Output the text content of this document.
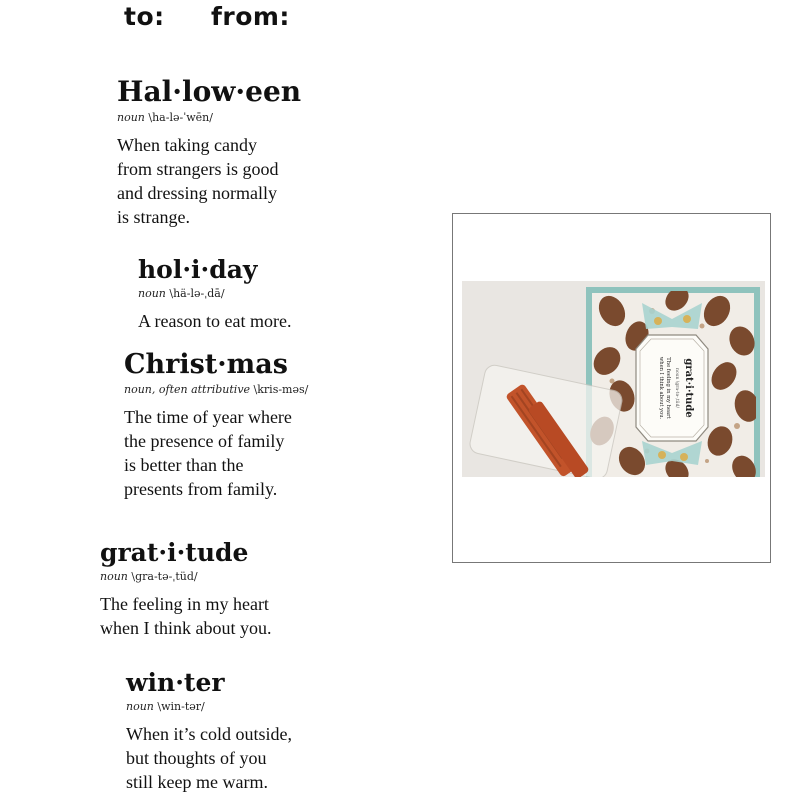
to: from:
Hal·low·een
noun \ha-lə-ˈwēn/
When taking candy
from strangers is good
and dressing normally
is strange.
hol·i·day
noun \hä-lə-ˌdā/
A reason to eat more.
Christ·mas
noun, often attributive \kris-məs/
The time of year where
the presence of family
is better than the
presents from family.
grat·i·tude
noun \gra-tə-ˌtüd/
The feeling in my heart
when I think about you.
win·ter
noun \win-tər/
When it’s cold outside,
but thoughts of you
still keep me warm.
grat·i·tude
noun \gra-tə-ˌtüd/
The feeling in my heart
when I think about you.
